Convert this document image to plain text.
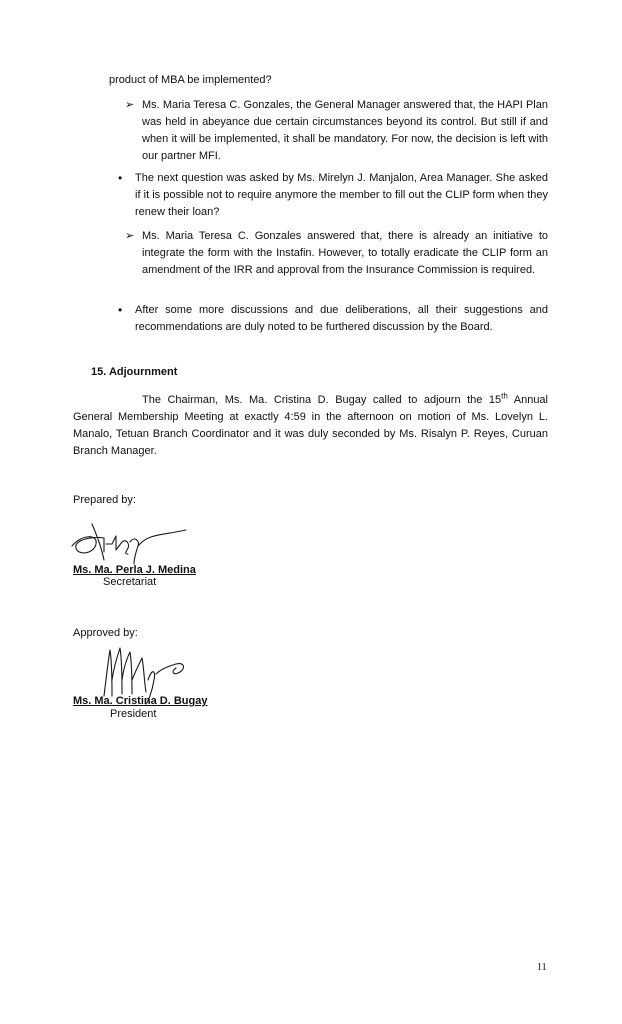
product of MBA be implemented?

➢ Ms. Maria Teresa C. Gonzales, the General Manager answered that, the HAPI Plan was held in abeyance due certain circumstances beyond its control. But still if and when it will be implemented, it shall be mandatory. For now, the decision is left with our partner MFI.

• The next question was asked by Ms. Mirelyn J. Manjalon, Area Manager. She asked if it is possible not to require anymore the member to fill out the CLIP form when they renew their loan?

➢ Ms. Maria Teresa C. Gonzales answered that, there is already an initiative to integrate the form with the Instafin. However, to totally eradicate the CLIP form an amendment of the IRR and approval from the Insurance Commission is required.

• After some more discussions and due deliberations, all their suggestions and recommendations are duly noted to be furthered discussion by the Board.

15. Adjournment

The Chairman, Ms. Ma. Cristina D. Bugay called to adjourn the 15th Annual General Membership Meeting at exactly 4:59 in the afternoon on motion of Ms. Lovelyn L. Manalo, Tetuan Branch Coordinator and it was duly seconded by Ms. Risalyn P. Reyes, Curuan Branch Manager.

Prepared by:

Ms. Ma. Perla J. Medina

Secretariat

Approved by:

Ms. Ma. Cristina D. Bugay

President

11
